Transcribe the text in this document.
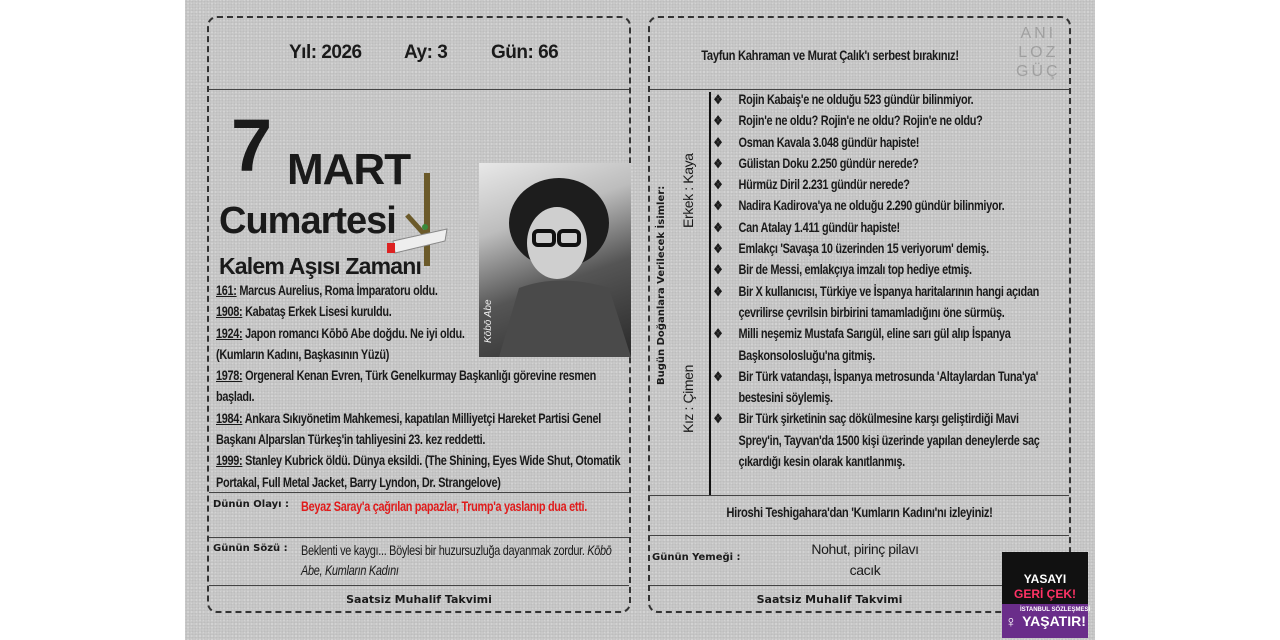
Yıl: 2026 Ay: 3 Gün: 66
7 MART
Cumartesi
Kalem Aşısı Zamanı
Kōbō Abe
161: Marcus Aurelius, Roma İmparatoru oldu.
1908: Kabataş Erkek Lisesi kuruldu.
1924: Japon romancı Kōbō Abe doğdu. Ne iyi oldu. (Kumların Kadını, Başkasının Yüzü)
1978: Orgeneral Kenan Evren, Türk Genelkurmay Başkanlığı görevine resmen başladı.
1984: Ankara Sıkıyönetim Mahkemesi, kapatılan Milliyetçi Hareket Partisi Genel Başkanı Alparslan Türkeş'in tahliyesini 23. kez reddetti.
1999: Stanley Kubrick öldü. Dünya eksildi. (The Shining, Eyes Wide Shut, Otomatik Portakal, Full Metal Jacket, Barry Lyndon, Dr. Strangelove)
Dünün Olayı : Beyaz Saray'a çağrılan papazlar, Trump'a yaslanıp dua etti.
Günün Sözü : Beklenti ve kaygı... Böylesi bir huzursuzluğa dayanmak zordur. Kōbō Abe, Kumların Kadını
Saatsiz Muhalif Takvimi
Tayfun Kahraman ve Murat Çalık'ı serbest bırakınız!
ANI
LOZ
GÜÇ
Bugün Doğanlara Verilecek İsimler: Erkek : Kaya
Kız : Çimen
❖ Rojin Kabaiş'e ne olduğu 523 gündür bilinmiyor.
❖ Rojin'e ne oldu? Rojin'e ne oldu? Rojin'e ne oldu?
❖ Osman Kavala 3.048 gündür hapiste!
❖ Gülistan Doku 2.250 gündür nerede?
❖ Hürmüz Diril 2.231 gündür nerede?
❖ Nadira Kadirova'ya ne olduğu 2.290 gündür bilinmiyor.
❖ Can Atalay 1.411 gündür hapiste!
❖ Emlakçı 'Savaşa 10 üzerinden 15 veriyorum' demiş.
❖ Bir de Messi, emlakçıya imzalı top hediye etmiş.
❖ Bir X kullanıcısı, Türkiye ve İspanya haritalarının hangi açıdan çevrilirse çevrilsin birbirini tamamladığını öne sürmüş.
❖ Milli neşemiz Mustafa Sarıgül, eline sarı gül alıp İspanya Başkonsolosluğu'na gitmiş.
❖ Bir Türk vatandaşı, İspanya metrosunda 'Altaylardan Tuna'ya' bestesini söylemiş.
❖ Bir Türk şirketinin saç dökülmesine karşı geliştirdiği Mavi Sprey'in, Tayvan'da 1500 kişi üzerinde yapılan deneylerde saç çıkardığı kesin olarak kanıtlanmış.
Hiroshi Teshigahara'dan 'Kumların Kadını'nı izleyiniz!
Günün Yemeği :
Nohut, pirinç pilavı
cacık
Saatsiz Muhalif Takvimi
YASAYI
GERİ ÇEK!
İSTANBUL SÖZLEŞMESİ
YAŞATIR!
♀
